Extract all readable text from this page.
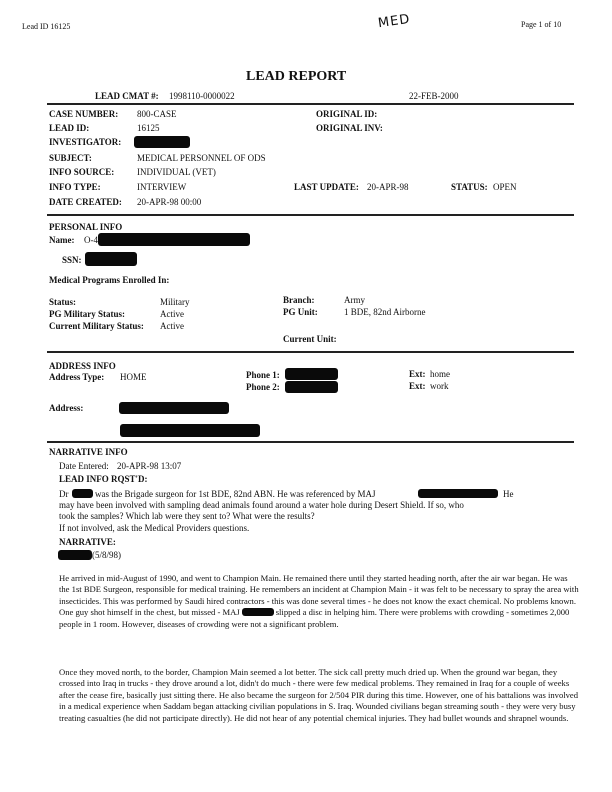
Lead ID 16125	MED	Page 1 of 10
LEAD REPORT
LEAD CMAT #: 1998110-0000022	22-FEB-2000
CASE NUMBER: 800-CASE
LEAD ID:	16125
INVESTIGATOR:
SUBJECT:	MEDICAL PERSONNEL OF ODS
INFO SOURCE:	INDIVIDUAL (VET)
INFO TYPE:	INTERVIEW
DATE CREATED: 20-APR-98 00:00
ORIGINAL ID:
ORIGINAL INV:
LAST UPDATE: 20-APR-98	STATUS: OPEN
PERSONAL INFO
Name: O-4
SSN:
Medical Programs Enrolled In:
Status:	Military
PG Military Status:	Active
Current Military Status: Active
Branch:	Army
PG Unit:	1 BDE, 82nd Airborne
Current Unit:
ADDRESS INFO
Address Type: HOME	Phone 1:
Phone 2:
Ext: home
Ext: work
Address:
NARRATIVE INFO
Date Entered: 20-APR-98 13:07
LEAD INFO RQST'D:
Dr	was the Brigade surgeon for 1st BDE, 82nd ABN. He was referenced by MAJ	He
may have been involved with sampling dead animals found around a water hole during Desert Shield. If so, who
took the samples? Which lab were they sent to? What were the results?
If not involved, ask the Medical Providers questions.
NARRATIVE:
(5/8/98)
He arrived in mid-August of 1990, and went to Champion Main. He remained there until they started heading north, after the air war began. He was the 1st BDE Surgeon, responsible for medical training. He remembers an incident at Champion Main - it was felt to be necessary to spray the area with insecticides. This was performed by Saudi hired contractors - this was done several times - he does not know the exact chemical. No problems known. One guy shot himself in the chest, but missed - MAJ	slipped a disc in helping him. There were problems with crowding - sometimes 2,000 people in 1 room. However, diseases of crowding were not a significant problem.
Once they moved north, to the border, Champion Main seemed a lot better. The sick call pretty much dried up. When the ground war began, they crossed into Iraq in trucks - they drove around a lot, didn't do much - there were few medical problems. They remained in Iraq for a couple of weeks after the cease fire, basically just sitting there. He also became the surgeon for 2/504 PIR during this time. However, one of his battalions was involved in a medical experience when Saddam began attacking civilian populations in S. Iraq. Wounded civilians began streaming south - they were very busy treating casualties (he did not participate directly). He did not hear of any potential chemical injuries. They had bullet wounds and shrapnel wounds.
